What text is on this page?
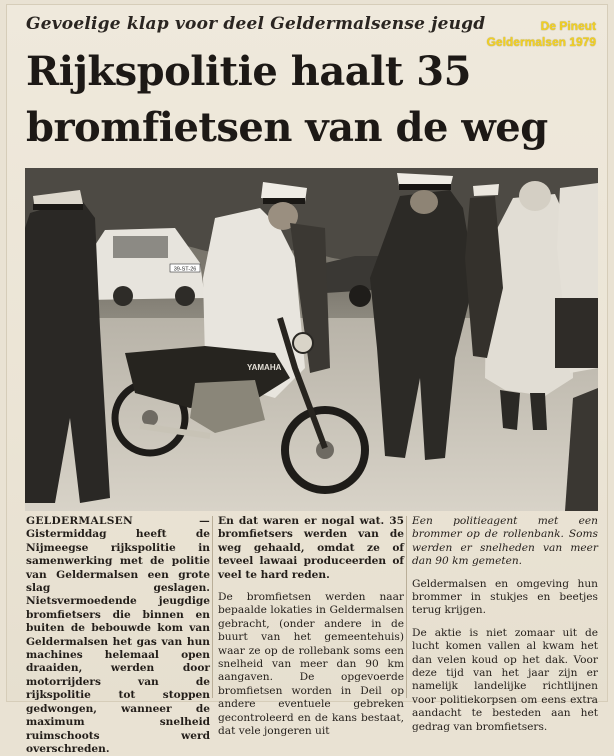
Gevoelige klap voor deel Geldermalsense jeugd	De Pineut
Geldermalsen 1979
Rijkspolitie haalt 35
bromfietsen van de weg
39-ST-26
YAMAHA
GELDERMALSEN — Gistermiddag heeft de Nijmeegse rijkspolitie in samenwerking met de politie van Geldermalsen een grote slag geslagen. Nietsvermoedende jeugdige bromfietsers die binnen en buiten de bebouwde kom van Geldermalsen het gas van hun machines helemaal open draaiden, werden door motorrijders van de rijkspolitie tot stoppen gedwongen, wanneer de maximum snelheid ruimschoots werd overschreden.
En dat waren er nogal wat. 35 bromfietsers werden van de weg gehaald, omdat ze of teveel lawaai produceerden of veel te hard reden.
De bromfietsen werden naar bepaalde lokaties in Geldermalsen gebracht, (onder andere in de buurt van het gemeentehuis) waar ze op de rollebank soms een snelheid van meer dan 90 km aangaven. De opgevoerde bromfietsen worden in Deil op andere eventuele gebreken gecontroleerd en de kans bestaat, dat vele jongeren uit
Een politieagent met een brommer op de rollenbank. Soms werden er snelheden van meer dan 90 km gemeten.
Geldermalsen en omgeving hun brommer in stukjes en beetjes terug krijgen.
De aktie is niet zomaar uit de lucht komen vallen al kwam het dan velen koud op het dak. Voor deze tijd van het jaar zijn er namelijk landelijke richtlijnen voor politiekorpsen om eens extra aandacht te besteden aan het gedrag van bromfietsers.
